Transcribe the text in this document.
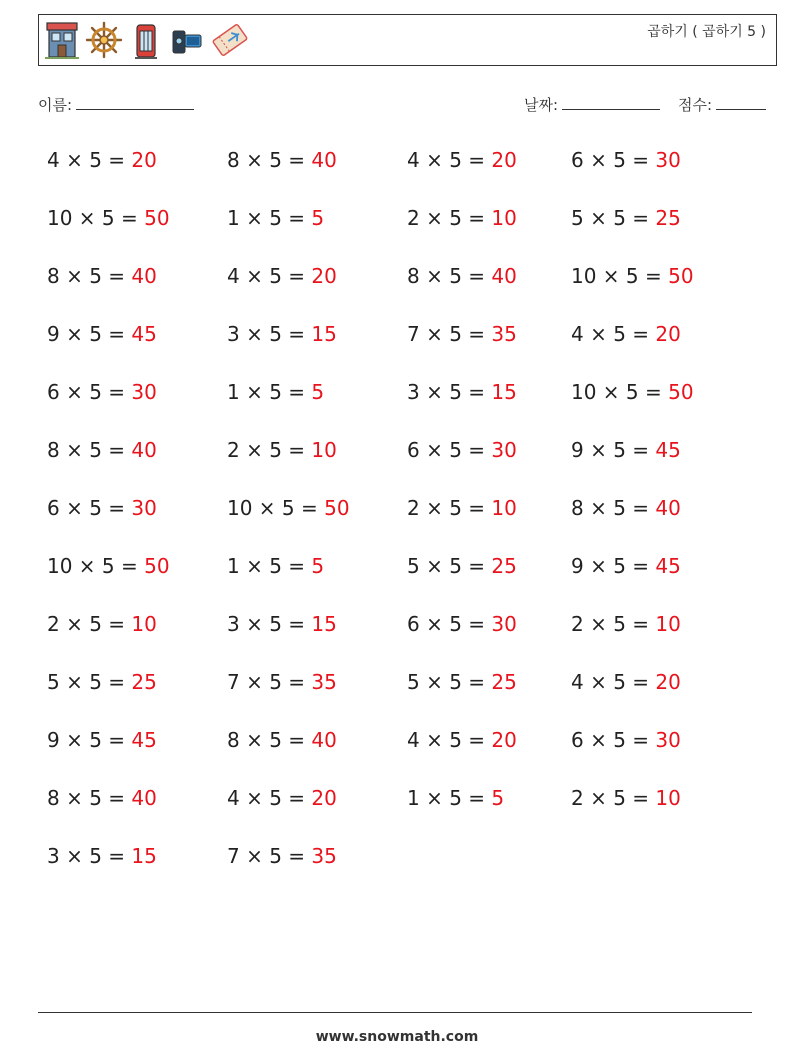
곱하기 ( 곱하기 5 )
이름:	날짜:	점수:
4 × 5 = 20	8 × 5 = 40	4 × 5 = 20	6 × 5 = 30
10 × 5 = 50	1 × 5 = 5	2 × 5 = 10	5 × 5 = 25
8 × 5 = 40	4 × 5 = 20	8 × 5 = 40	10 × 5 = 50
9 × 5 = 45	3 × 5 = 15	7 × 5 = 35	4 × 5 = 20
6 × 5 = 30	1 × 5 = 5	3 × 5 = 15	10 × 5 = 50
8 × 5 = 40	2 × 5 = 10	6 × 5 = 30	9 × 5 = 45
6 × 5 = 30	10 × 5 = 50	2 × 5 = 10	8 × 5 = 40
10 × 5 = 50	1 × 5 = 5	5 × 5 = 25	9 × 5 = 45
2 × 5 = 10	3 × 5 = 15	6 × 5 = 30	2 × 5 = 10
5 × 5 = 25	7 × 5 = 35	5 × 5 = 25	4 × 5 = 20
9 × 5 = 45	8 × 5 = 40	4 × 5 = 20	6 × 5 = 30
8 × 5 = 40	4 × 5 = 20	1 × 5 = 5	2 × 5 = 10
3 × 5 = 15	7 × 5 = 35
www.snowmath.com
